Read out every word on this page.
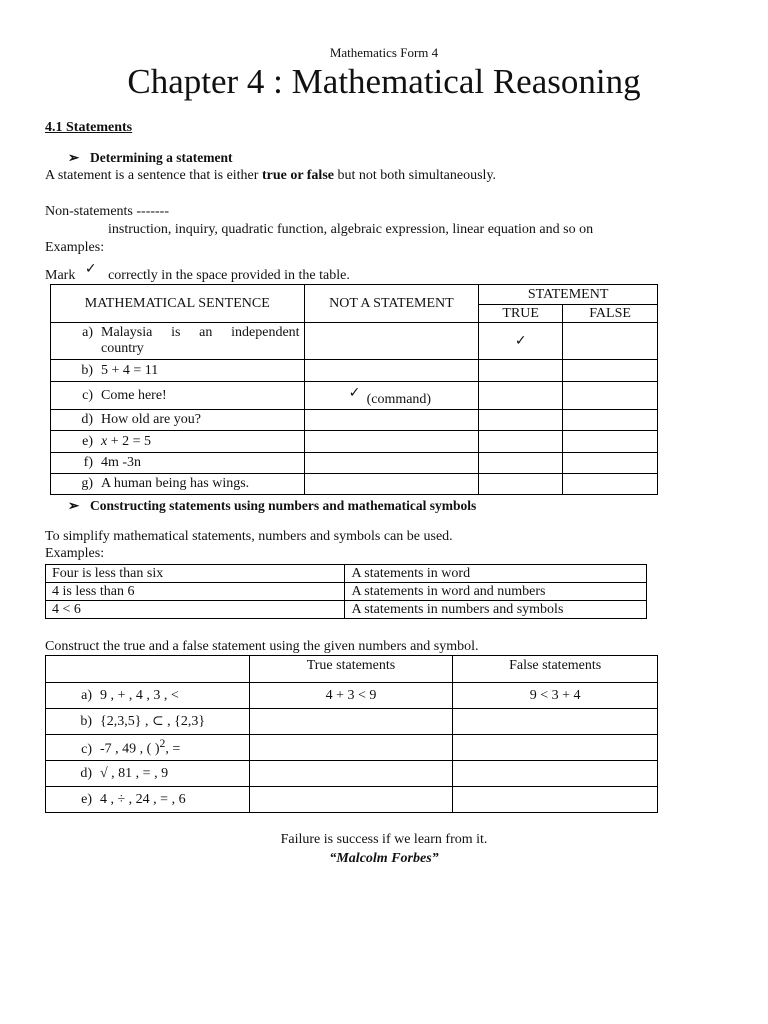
Mathematics Form 4
Chapter 4 : Mathematical Reasoning
4.1 Statements
➢ Determining a statement
A statement is a sentence that is either true or false but not both simultaneously.
Non-statements -------
instruction, inquiry, quadratic function, algebraic expression, linear equation and so on
Examples:
Mark ✓ correctly in the space provided in the table.
MATHEMATICAL SENTENCE	NOT A STATEMENT	STATEMENT	
		TRUE	FALSE

a) Malaysia is an independent country		✓	

b) 5 + 4 = 11			

c) Come here!	✓ (command)		

d) How old are you?			

e) x + 2 = 5			

f) 4m -3n			

g) A human being has wings.			

➢ Constructing statements using numbers and mathematical symbols
To simplify mathematical statements, numbers and symbols can be used.
Examples:
Four is less than six	A statements in word
4 is less than 6	A statements in word and numbers
4 < 6	A statements in numbers and symbols
Construct the true and a false statement using the given numbers and symbol.
	True statements	False statements
a) 9 , + , 4 , 3 , <	4 + 3 < 9	9 < 3 + 4
b) {2,3,5} , ⊂ , {2,3}		
c) -7 , 49 , ( )$^2$, =		
d) √ , 81 , = , 9		
e) 4 , ÷ , 24 , = , 6		
Failure is success if we learn from it.
“Malcolm Forbes”
